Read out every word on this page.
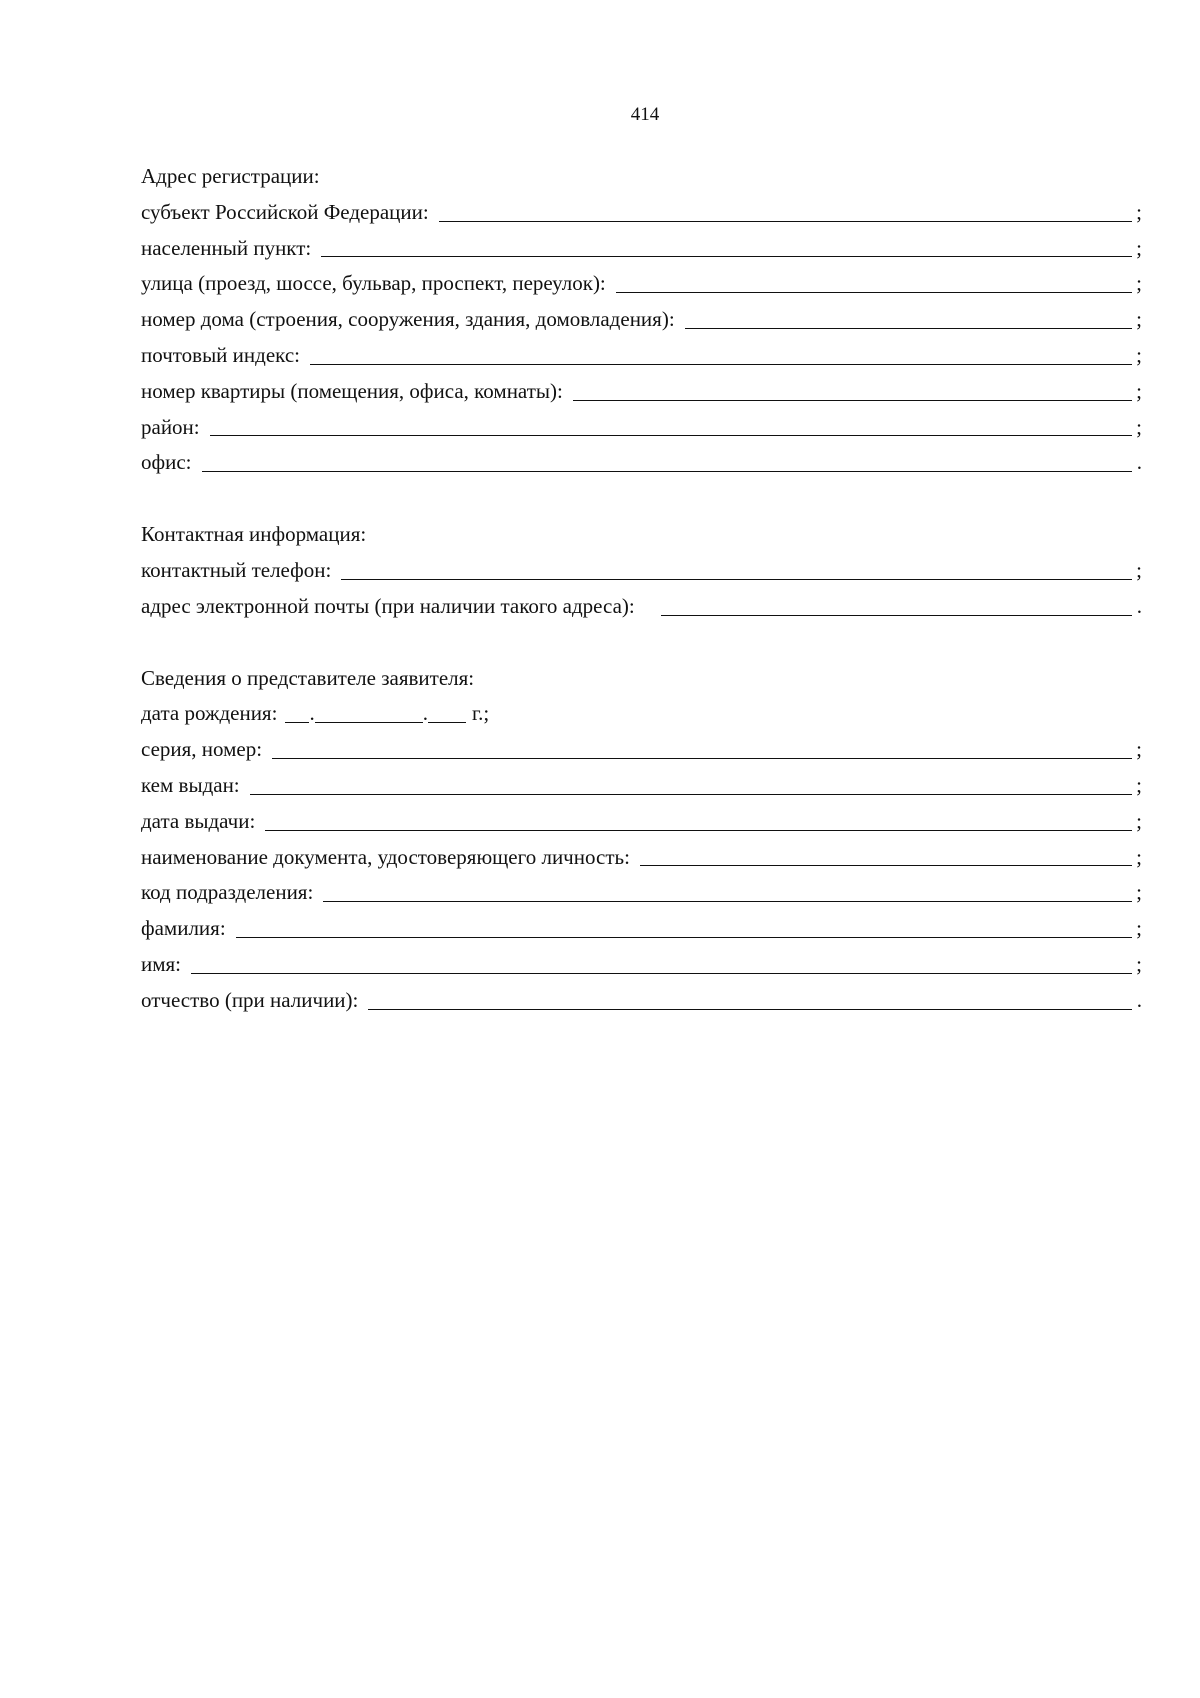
414
Адрес регистрации:
субъект Российской Федерации:	;
населенный пункт:	;
улица (проезд, шоссе, бульвар, проспект, переулок):	;
номер дома (строения, сооружения, здания, домовладения):	;
почтовый индекс:	;
номер квартиры (помещения, офиса, комнаты):	;
район:	;
офис:	.
Контактная информация:
контактный телефон:	;
адрес электронной почты (при наличии такого адреса):	.
Сведения о представителе заявителя:
дата рождения: .	. г.;
серия, номер:	;
кем выдан:	;
дата выдачи:	;
наименование документа, удостоверяющего личность:	;
код подразделения:	;
фамилия:	;
имя:	;
отчество (при наличии):	.
